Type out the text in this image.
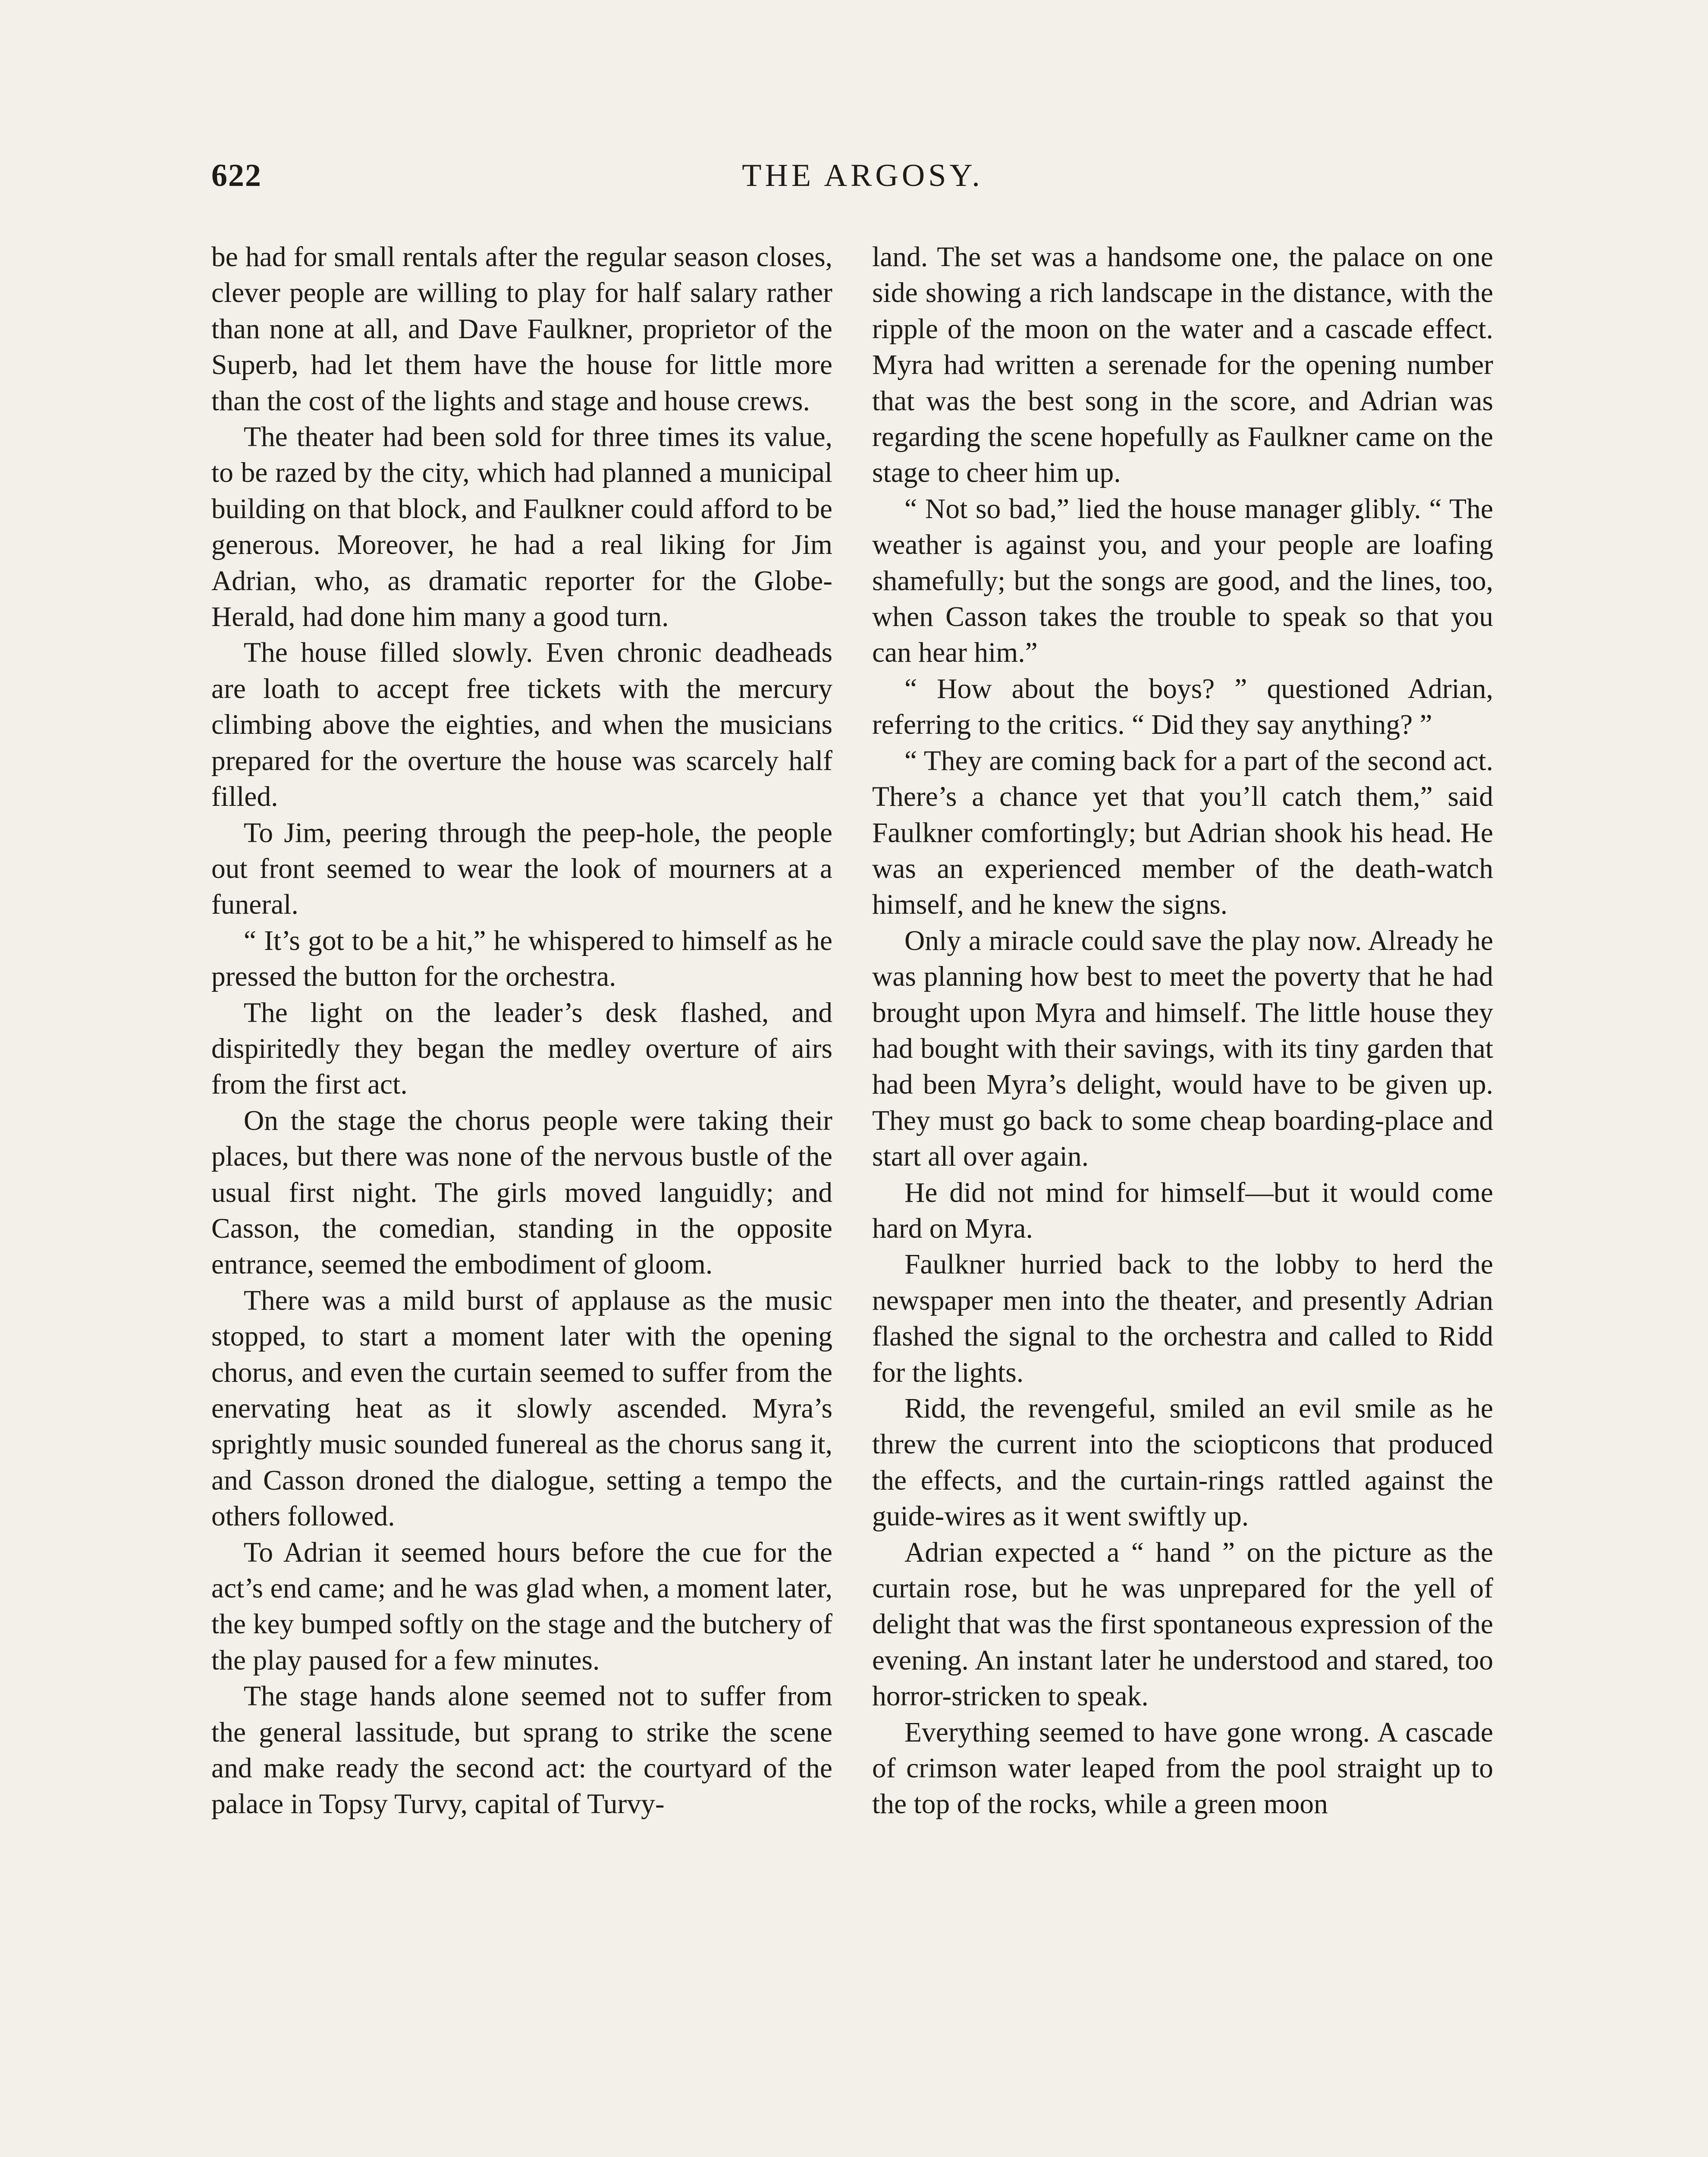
622	THE ARGOSY.

be had for small rentals after the regular season closes, clever people are willing to play for half salary rather than none at all, and Dave Faulkner, proprietor of the Superb, had let them have the house for little more than the cost of the lights and stage and house crews.

The theater had been sold for three times its value, to be razed by the city, which had planned a municipal building on that block, and Faulkner could afford to be generous. Moreover, he had a real liking for Jim Adrian, who, as dramatic reporter for the Globe-Herald, had done him many a good turn.

The house filled slowly. Even chronic deadheads are loath to accept free tickets with the mercury climbing above the eighties, and when the musicians prepared for the overture the house was scarcely half filled.

To Jim, peering through the peep-hole, the people out front seemed to wear the look of mourners at a funeral.

“ It’s got to be a hit,” he whispered to himself as he pressed the button for the orchestra.

The light on the leader’s desk flashed, and dispiritedly they began the medley overture of airs from the first act.

On the stage the chorus people were taking their places, but there was none of the nervous bustle of the usual first night. The girls moved languidly; and Casson, the comedian, standing in the opposite entrance, seemed the embodiment of gloom.

There was a mild burst of applause as the music stopped, to start a moment later with the opening chorus, and even the curtain seemed to suffer from the enervating heat as it slowly ascended. Myra’s sprightly music sounded funereal as the chorus sang it, and Casson droned the dialogue, setting a tempo the others followed.

To Adrian it seemed hours before the cue for the act’s end came; and he was glad when, a moment later, the key bumped softly on the stage and the butchery of the play paused for a few minutes.

The stage hands alone seemed not to suffer from the general lassitude, but sprang to strike the scene and make ready the second act: the courtyard of the palace in Topsy Turvy, capital of Turvy-

land. The set was a handsome one, the palace on one side showing a rich landscape in the distance, with the ripple of the moon on the water and a cascade effect. Myra had written a serenade for the opening number that was the best song in the score, and Adrian was regarding the scene hopefully as Faulkner came on the stage to cheer him up.

“ Not so bad,” lied the house manager glibly. “ The weather is against you, and your people are loafing shamefully; but the songs are good, and the lines, too, when Casson takes the trouble to speak so that you can hear him.”

“ How about the boys? ” questioned Adrian, referring to the critics. “ Did they say anything? ”

“ They are coming back for a part of the second act. There’s a chance yet that you’ll catch them,” said Faulkner comfortingly; but Adrian shook his head. He was an experienced member of the death-watch himself, and he knew the signs.

Only a miracle could save the play now. Already he was planning how best to meet the poverty that he had brought upon Myra and himself. The little house they had bought with their savings, with its tiny garden that had been Myra’s delight, would have to be given up. They must go back to some cheap boarding-place and start all over again.

He did not mind for himself—but it would come hard on Myra.

Faulkner hurried back to the lobby to herd the newspaper men into the theater, and presently Adrian flashed the signal to the orchestra and called to Ridd for the lights.

Ridd, the revengeful, smiled an evil smile as he threw the current into the sciopticons that produced the effects, and the curtain-rings rattled against the guide-wires as it went swiftly up.

Adrian expected a “ hand ” on the picture as the curtain rose, but he was unprepared for the yell of delight that was the first spontaneous expression of the evening. An instant later he understood and stared, too horror-stricken to speak.

Everything seemed to have gone wrong. A cascade of crimson water leaped from the pool straight up to the top of the rocks, while a green moon
